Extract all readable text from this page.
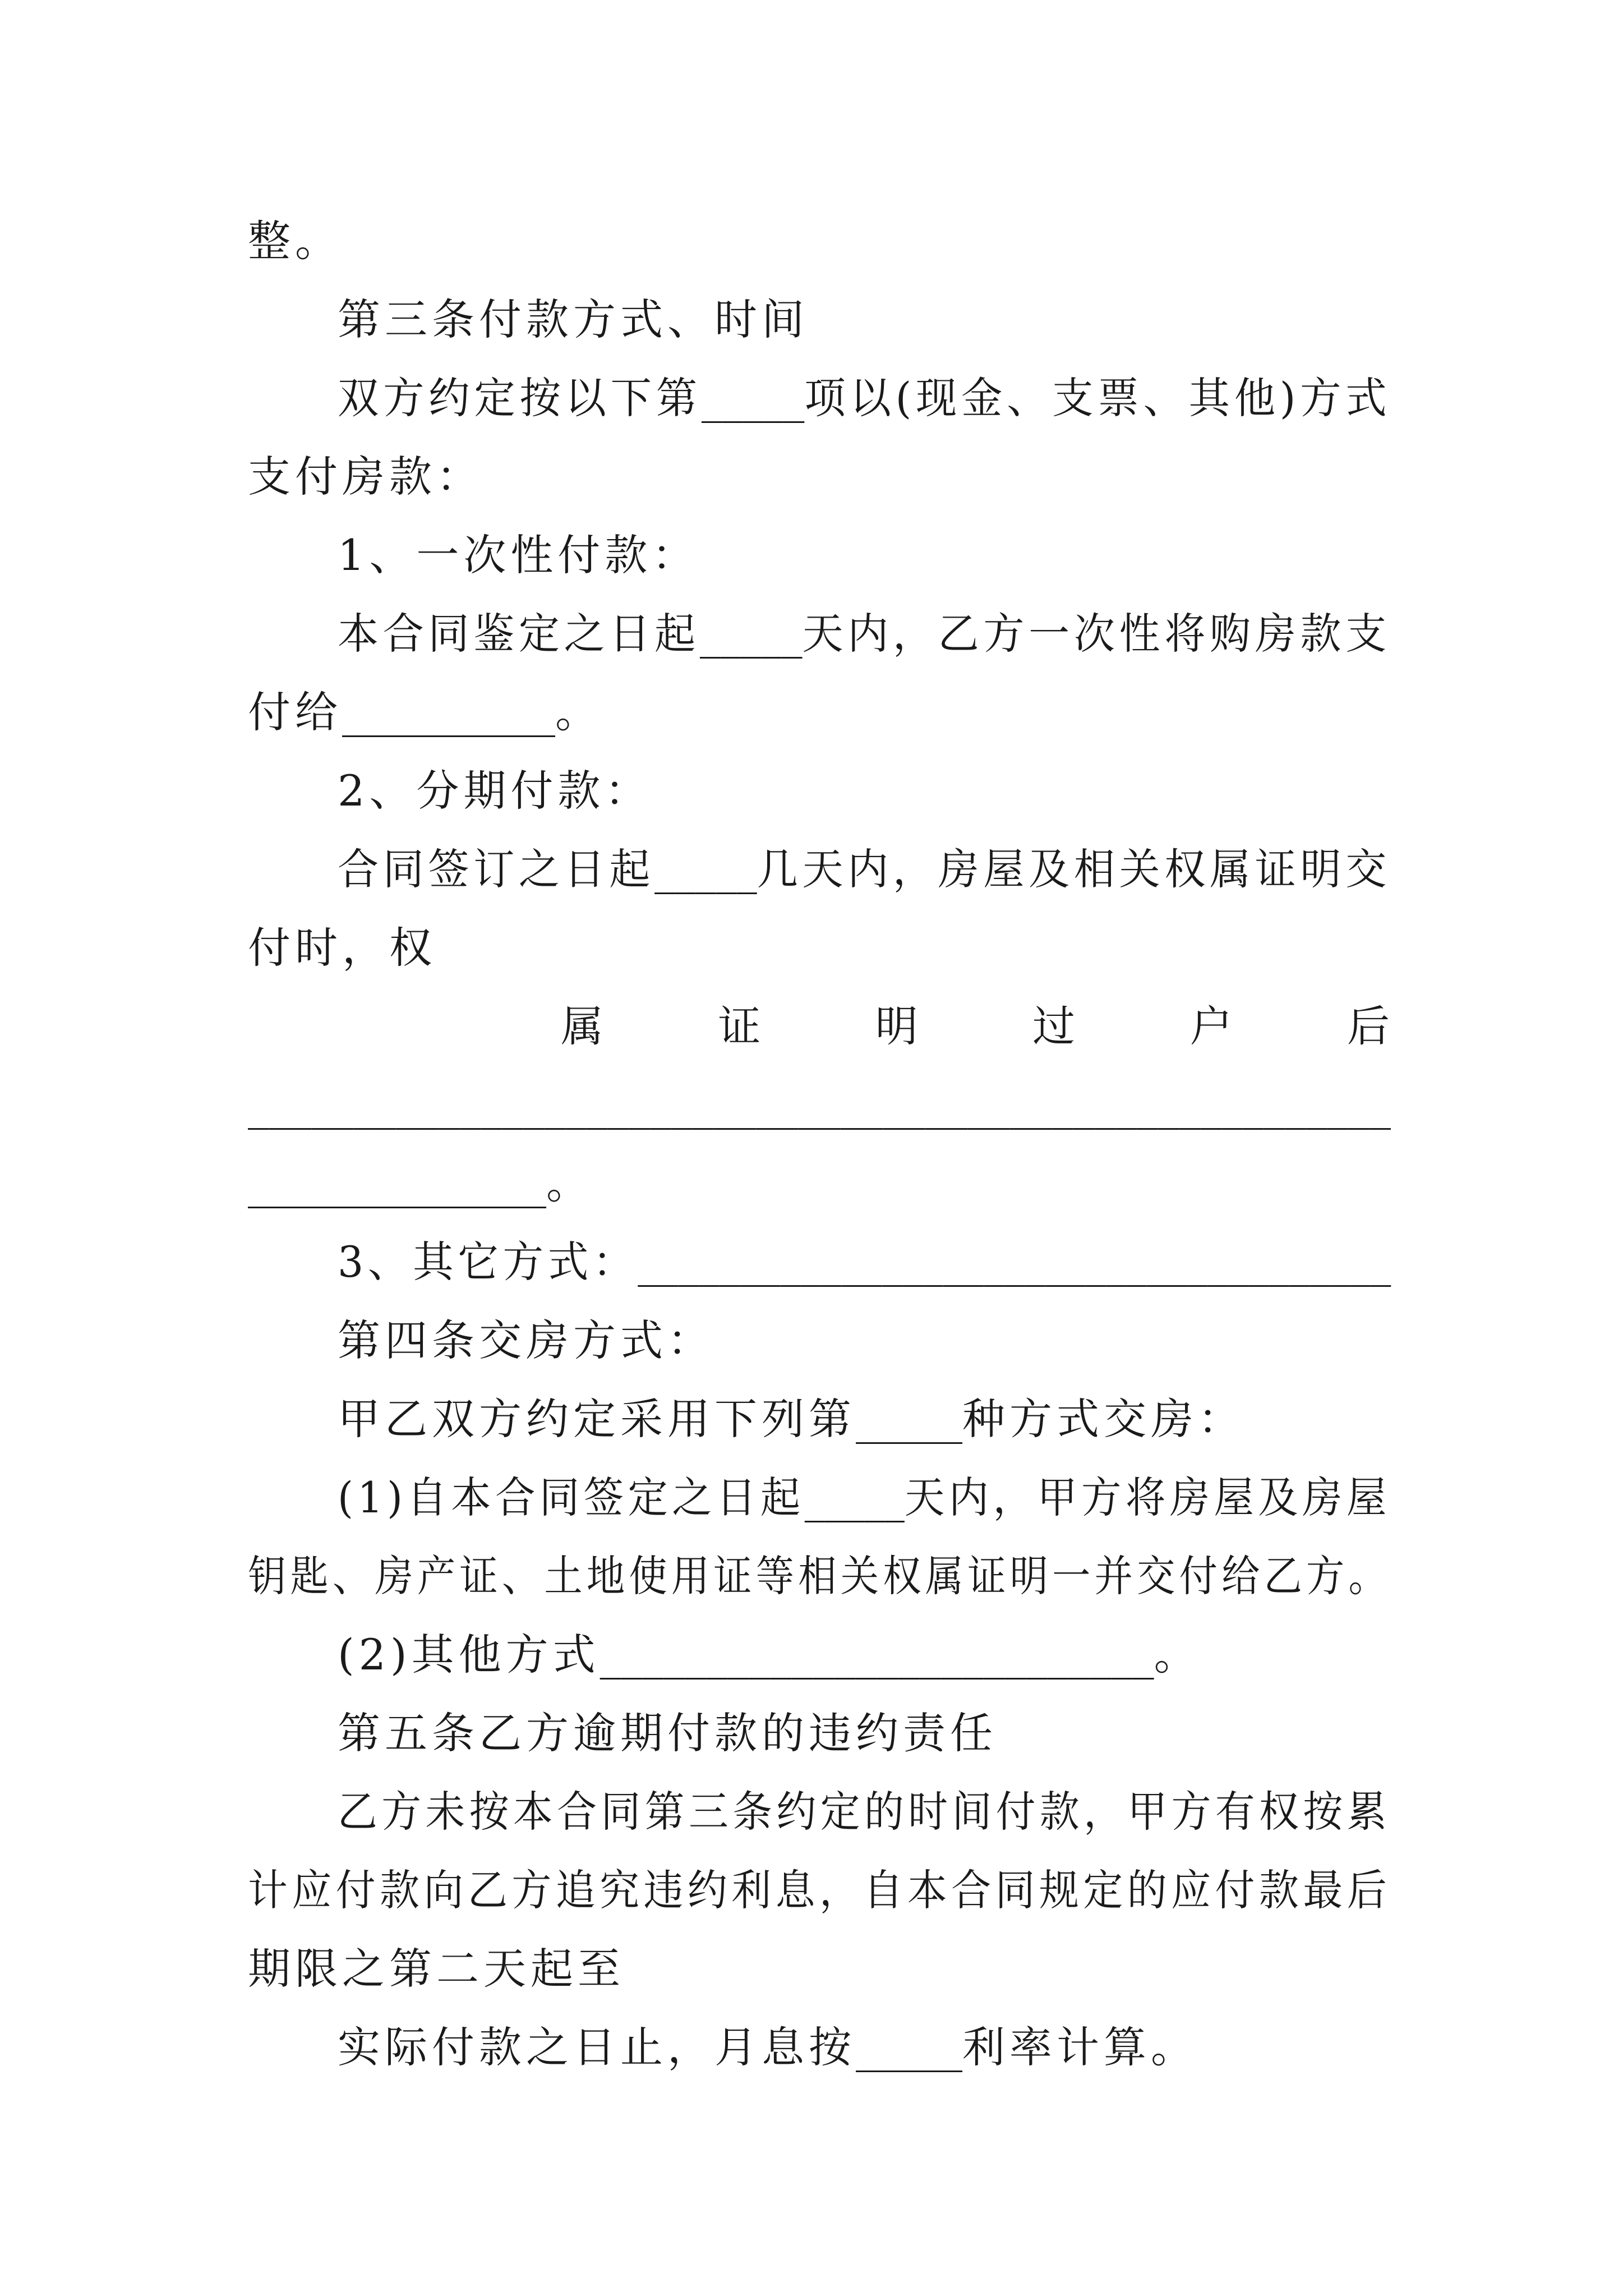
整。
第三条付款方式、时间
双方约定按以下第_____项以(现金、支票、其他)方式
支付房款：
1、一次性付款：
本合同鉴定之日起_____天内，乙方一次性将购房款支
付给__________。
2、分期付款：
合同签订之日起_____几天内，房屋及相关权属证明交
付时，权
属	证	明	过	户	后
______________________________________________________
______________。
3、其它方式：_____________________________________
第四条交房方式：
甲乙双方约定采用下列第_____种方式交房：
(1)自本合同签定之日起_____天内，甲方将房屋及房屋
钥匙、房产证、土地使用证等相关权属证明一并交付给乙方。
(2)其他方式__________________________。
第五条乙方逾期付款的违约责任
乙方未按本合同第三条约定的时间付款，甲方有权按累
计应付款向乙方追究违约利息，自本合同规定的应付款最后
期限之第二天起至
实际付款之日止，月息按_____利率计算。
